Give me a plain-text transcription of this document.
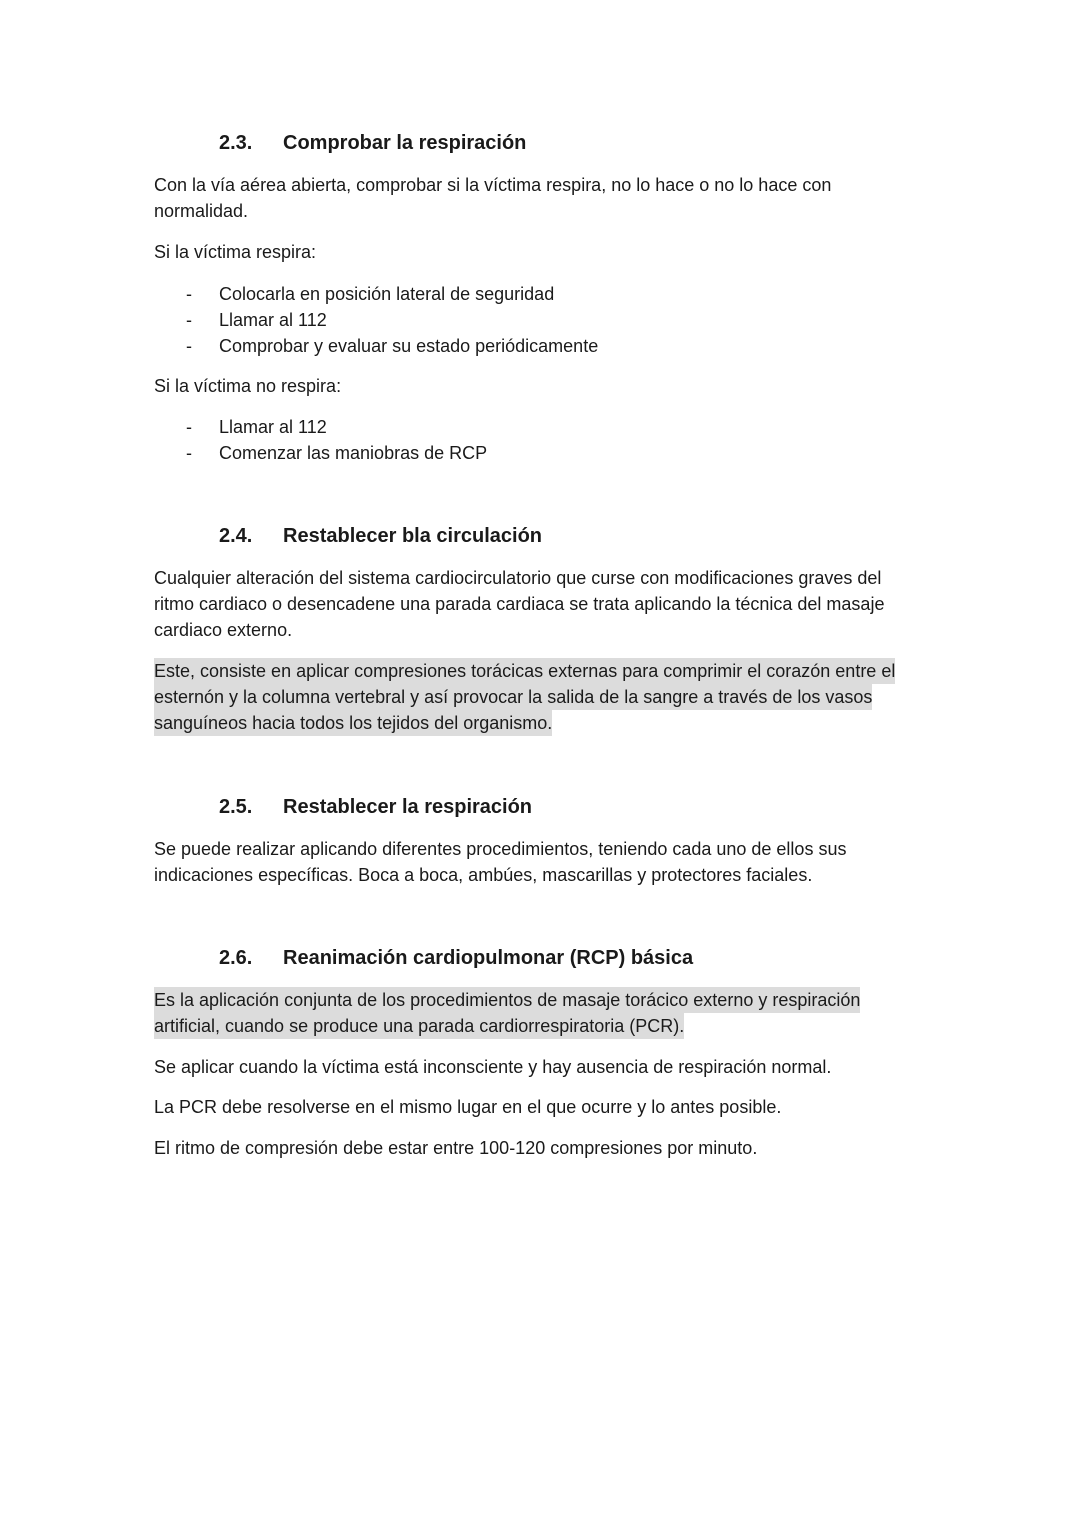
2.3. Comprobar la respiración
Con la vía aérea abierta, comprobar si la víctima respira, no lo hace o no lo hace con
normalidad.
Si la víctima respira:
- Colocarla en posición lateral de seguridad
- Llamar al 112
- Comprobar y evaluar su estado periódicamente
Si la víctima no respira:
- Llamar al 112
- Comenzar las maniobras de RCP
2.4. Restablecer bla circulación
Cualquier alteración del sistema cardiocirculatorio que curse con modificaciones graves del
ritmo cardiaco o desencadene una parada cardiaca se trata aplicando la técnica del masaje
cardiaco externo.
Este, consiste en aplicar compresiones torácicas externas para comprimir el corazón entre el
esternón y la columna vertebral y así provocar la salida de la sangre a través de los vasos
sanguíneos hacia todos los tejidos del organismo.
2.5. Restablecer la respiración
Se puede realizar aplicando diferentes procedimientos, teniendo cada uno de ellos sus
indicaciones específicas. Boca a boca, ambúes, mascarillas y protectores faciales.
2.6. Reanimación cardiopulmonar (RCP) básica
Es la aplicación conjunta de los procedimientos de masaje torácico externo y respiración
artificial, cuando se produce una parada cardiorrespiratoria (PCR).
Se aplicar cuando la víctima está inconsciente y hay ausencia de respiración normal.
La PCR debe resolverse en el mismo lugar en el que ocurre y lo antes posible.
El ritmo de compresión debe estar entre 100-120 compresiones por minuto.
